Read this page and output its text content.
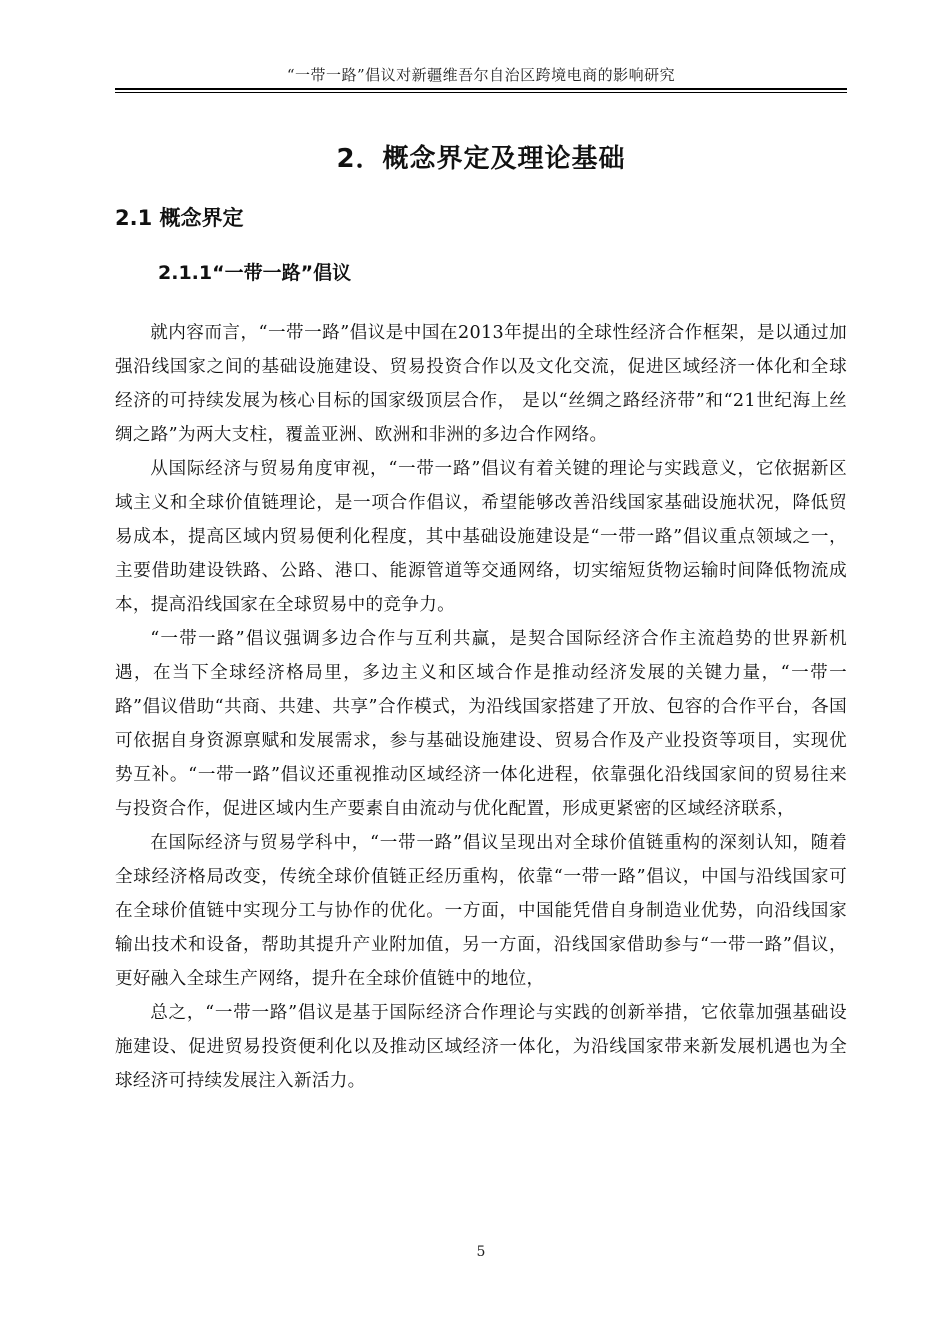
“一带一路”倡议对新疆维吾尔自治区跨境电商的影响研究
2．概念界定及理论基础
2.1 概念界定
2.1.1“一带一路”倡议

就内容而言，“一带一路”倡议是中国在2013年提出的全球性经济合作框架，是以通过加强沿线国家之间的基础设施建设、贸易投资合作以及文化交流，促进区域经济一体化和全球经济的可持续发展为核心目标的国家级顶层合作， 是以“丝绸之路经济带”和“21世纪海上丝绸之路”为两大支柱，覆盖亚洲、欧洲和非洲的多边合作网络。

从国际经济与贸易角度审视，“一带一路”倡议有着关键的理论与实践意义，它依据新区域主义和全球价值链理论，是一项合作倡议，希望能够改善沿线国家基础设施状况，降低贸易成本，提高区域内贸易便利化程度，其中基础设施建设是“一带一路”倡议重点领域之一，主要借助建设铁路、公路、港口、能源管道等交通网络，切实缩短货物运输时间降低物流成本，提高沿线国家在全球贸易中的竞争力。

“一带一路”倡议强调多边合作与互利共赢，是契合国际经济合作主流趋势的世界新机遇，在当下全球经济格局里，多边主义和区域合作是推动经济发展的关键力量，“一带一路”倡议借助“共商、共建、共享”合作模式，为沿线国家搭建了开放、包容的合作平台，各国可依据自身资源禀赋和发展需求，参与基础设施建设、贸易合作及产业投资等项目，实现优势互补。“一带一路”倡议还重视推动区域经济一体化进程，依靠强化沿线国家间的贸易往来与投资合作，促进区域内生产要素自由流动与优化配置，形成更紧密的区域经济联系，

在国际经济与贸易学科中，“一带一路”倡议呈现出对全球价值链重构的深刻认知，随着全球经济格局改变，传统全球价值链正经历重构，依靠“一带一路”倡议，中国与沿线国家可在全球价值链中实现分工与协作的优化。一方面，中国能凭借自身制造业优势，向沿线国家输出技术和设备，帮助其提升产业附加值，另一方面，沿线国家借助参与“一带一路”倡议，更好融入全球生产网络，提升在全球价值链中的地位，

总之，“一带一路”倡议是基于国际经济合作理论与实践的创新举措，它依靠加强基础设施建设、促进贸易投资便利化以及推动区域经济一体化，为沿线国家带来新发展机遇也为全球经济可持续发展注入新活力。

5
